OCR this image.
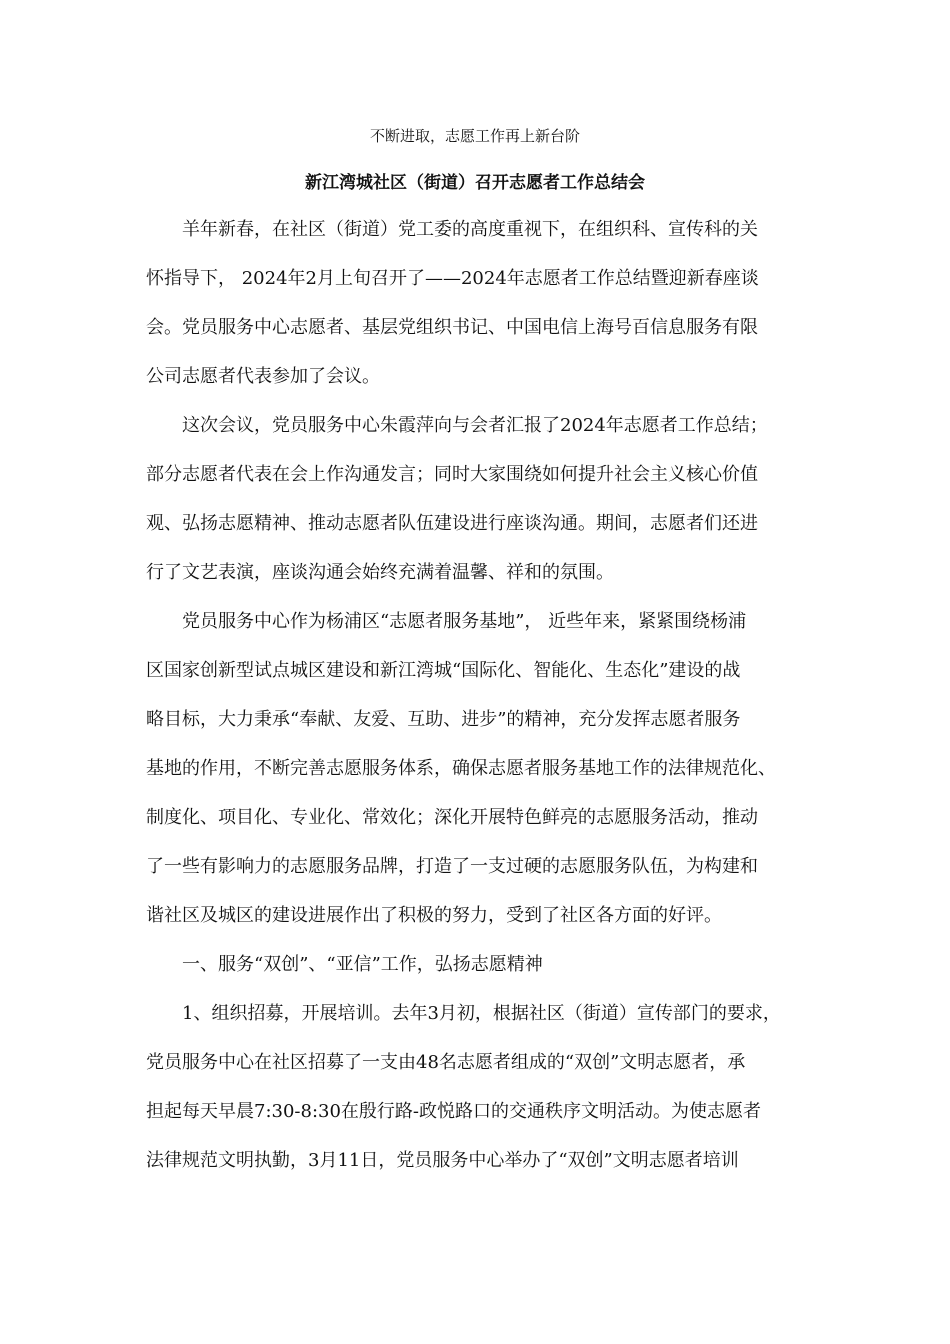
不断进取，志愿工作再上新台阶
新江湾城社区（街道）召开志愿者工作总结会
羊年新春，在社区（街道）党工委的高度重视下，在组织科、宣传科的关
怀指导下， 2024年2月上旬召开了——2024年志愿者工作总结暨迎新春座谈
会。党员服务中心志愿者、基层党组织书记、中国电信上海号百信息服务有限
公司志愿者代表参加了会议。
这次会议，党员服务中心朱霞萍向与会者汇报了2024年志愿者工作总结；
部分志愿者代表在会上作沟通发言；同时大家围绕如何提升社会主义核心价值
观、弘扬志愿精神、推动志愿者队伍建设进行座谈沟通。期间，志愿者们还进
行了文艺表演，座谈沟通会始终充满着温馨、祥和的氛围。
党员服务中心作为杨浦区“志愿者服务基地”， 近些年来，紧紧围绕杨浦
区国家创新型试点城区建设和新江湾城“国际化、智能化、生态化”建设的战
略目标，大力秉承“奉献、友爱、互助、进步”的精神，充分发挥志愿者服务
基地的作用，不断完善志愿服务体系，确保志愿者服务基地工作的法律规范化、
制度化、项目化、专业化、常效化；深化开展特色鲜亮的志愿服务活动，推动
了一些有影响力的志愿服务品牌，打造了一支过硬的志愿服务队伍，为构建和
谐社区及城区的建设进展作出了积极的努力，受到了社区各方面的好评。
一、服务“双创”、“亚信”工作，弘扬志愿精神
1、组织招募，开展培训。去年3月初，根据社区（街道）宣传部门的要求，
党员服务中心在社区招募了一支由48名志愿者组成的“双创”文明志愿者，承
担起每天早晨7:30-8:30在殷行路-政悦路口的交通秩序文明活动。为使志愿者
法律规范文明执勤，3月11日，党员服务中心举办了“双创”文明志愿者培训
